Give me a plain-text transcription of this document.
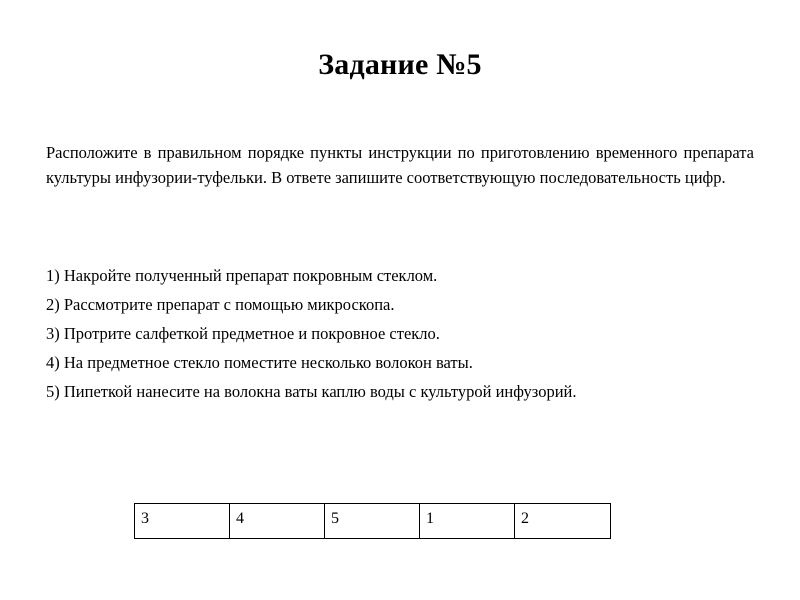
Задание №5
Расположите в правильном порядке пункты инструкции по приготовлению временного препарата культуры инфузории-туфельки. В ответе запишите соответствующую последовательность цифр.

1) Накройте полученный препарат покровным стеклом.

2) Рассмотрите препарат с помощью микроскопа.

3) Протрите салфеткой предметное и покровное стекло.

4) На предметное стекло поместите несколько волокон ваты.

5) Пипеткой нанесите на волокна ваты каплю воды с культурой инфузорий.

3	4	5	1	2
